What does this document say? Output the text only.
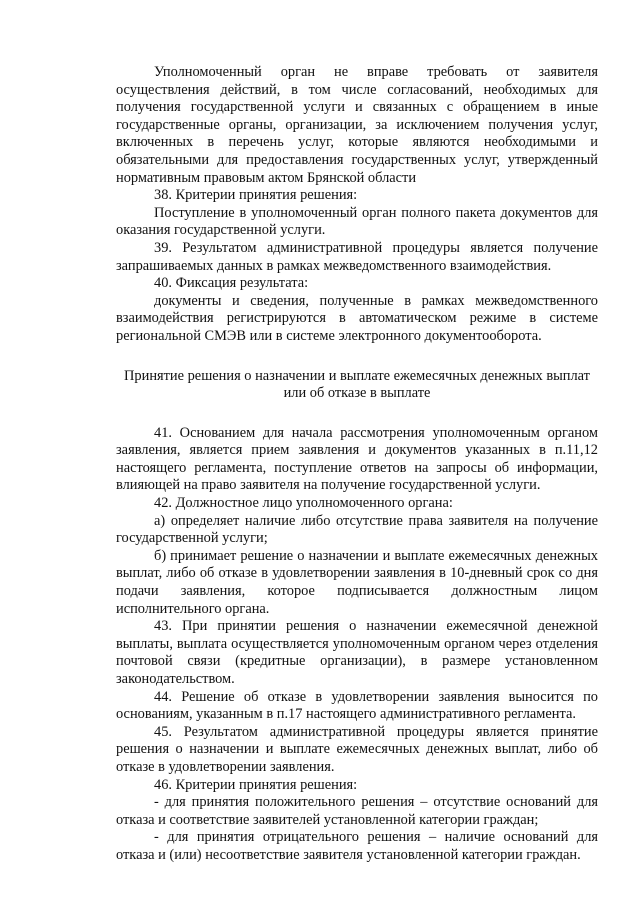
Уполномоченный орган не вправе требовать от заявителя осуществления действий, в том числе согласований, необходимых для получения государственной услуги и связанных с обращением в иные государственные органы, организации, за исключением получения услуг, включенных в перечень услуг, которые являются необходимыми и обязательными для предоставления государственных услуг, утвержденный нормативным правовым актом Брянской области

38. Критерии принятия решения:

Поступление в уполномоченный орган полного пакета документов для оказания государственной услуги.

39. Результатом административной процедуры является получение запрашиваемых данных в рамках межведомственного взаимодействия.

40. Фиксация результата:

документы и сведения, полученные в рамках межведомственного взаимодействия регистрируются в автоматическом режиме в системе региональной СМЭВ или в системе электронного документооборота.

Принятие решения о назначении и выплате ежемесячных денежных выплат или об отказе в выплате

41. Основанием для начала рассмотрения уполномоченным органом заявления, является прием заявления и документов указанных в п.11,12 настоящего регламента, поступление ответов на запросы об информации, влияющей на право заявителя на получение государственной услуги.

42. Должностное лицо уполномоченного органа:

а) определяет наличие либо отсутствие права заявителя на получение государственной услуги;

б) принимает решение о назначении и выплате ежемесячных денежных выплат, либо об отказе в удовлетворении заявления в 10-дневный срок со дня подачи заявления, которое подписывается должностным лицом исполнительного органа.

43. При принятии решения о назначении ежемесячной денежной выплаты, выплата осуществляется уполномоченным органом через отделения почтовой связи (кредитные организации), в размере установленном законодательством.

44. Решение об отказе в удовлетворении заявления выносится по основаниям, указанным в п.17 настоящего административного регламента.

45. Результатом административной процедуры является принятие решения о назначении и выплате ежемесячных денежных выплат, либо об отказе в удовлетворении заявления.

46. Критерии принятия решения:

- для принятия положительного решения – отсутствие оснований для отказа и соответствие заявителей установленной категории граждан;

- для принятия отрицательного решения – наличие оснований для отказа и (или) несоответствие заявителя установленной категории граждан.
